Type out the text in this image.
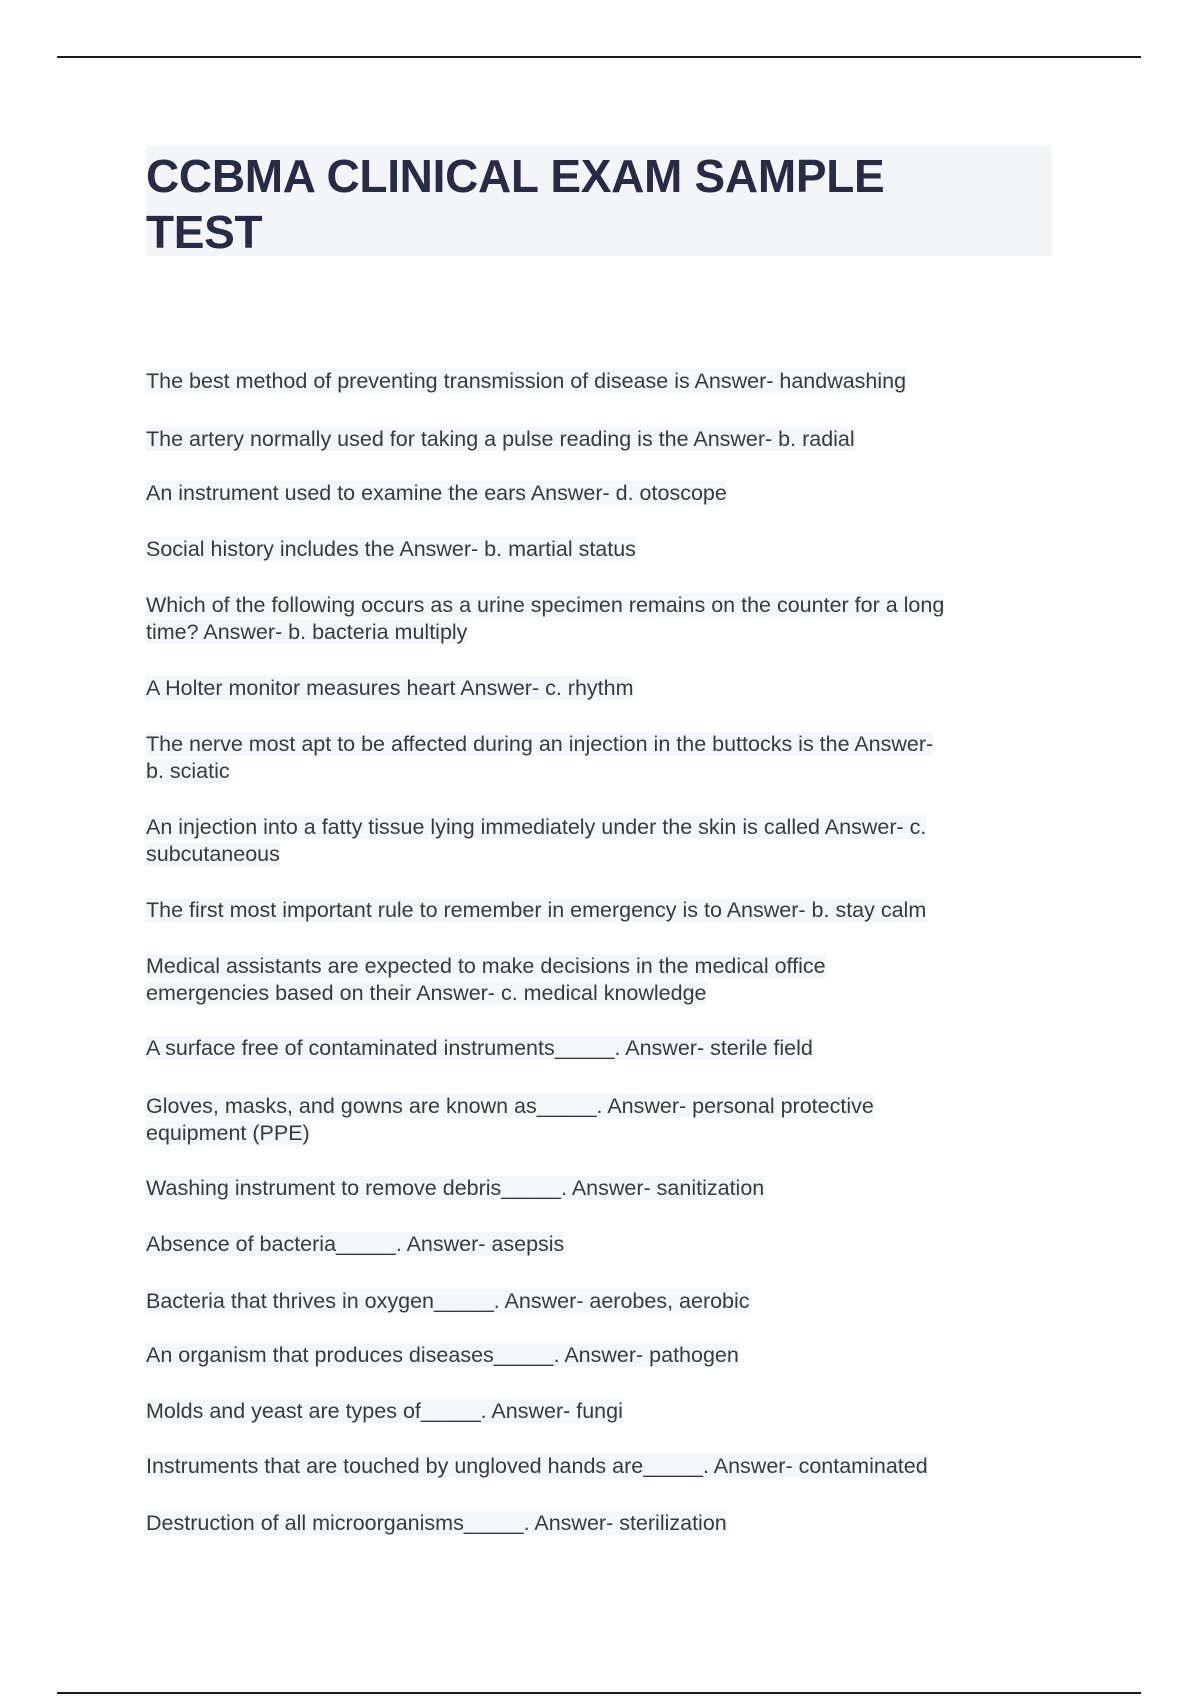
CCBMA CLINICAL EXAM SAMPLE
TEST
The best method of preventing transmission of disease is Answer- handwashing
The artery normally used for taking a pulse reading is the Answer- b. radial
An instrument used to examine the ears Answer- d. otoscope
Social history includes the Answer- b. martial status
Which of the following occurs as a urine specimen remains on the counter for a long
time? Answer- b. bacteria multiply
A Holter monitor measures heart Answer- c. rhythm
The nerve most apt to be affected during an injection in the buttocks is the Answer-
b. sciatic
An injection into a fatty tissue lying immediately under the skin is called Answer- c.
subcutaneous
The first most important rule to remember in emergency is to Answer- b. stay calm
Medical assistants are expected to make decisions in the medical office
emergencies based on their Answer- c. medical knowledge
A surface free of contaminated instruments_____. Answer- sterile field
Gloves, masks, and gowns are known as_____. Answer- personal protective
equipment (PPE)
Washing instrument to remove debris_____. Answer- sanitization
Absence of bacteria_____. Answer- asepsis
Bacteria that thrives in oxygen_____. Answer- aerobes, aerobic
An organism that produces diseases_____. Answer- pathogen
Molds and yeast are types of_____. Answer- fungi
Instruments that are touched by ungloved hands are_____. Answer- contaminated
Destruction of all microorganisms_____. Answer- sterilization
